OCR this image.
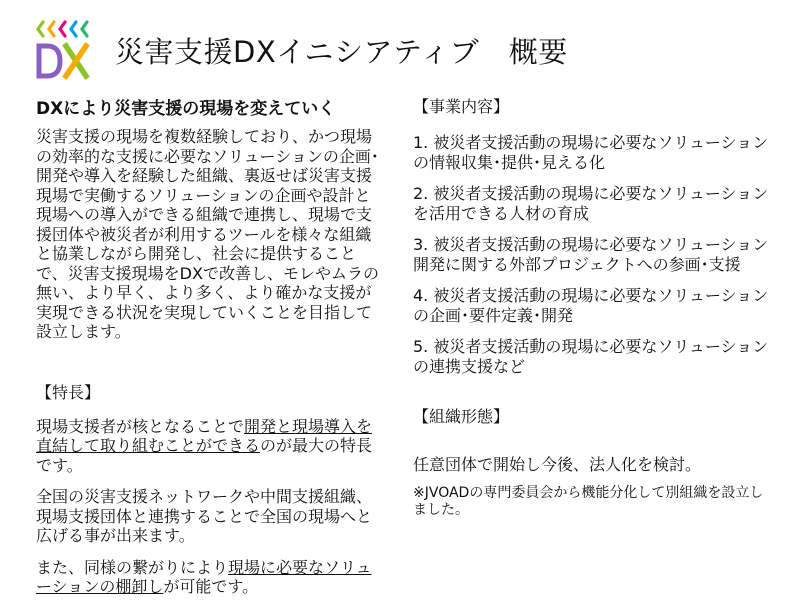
災害支援DXイニシアティブ　概要

DXにより災害支援の現場を変えていく

災害支援の現場を複数経験しており、かつ現場の効率的な支援に必要なソリューションの企画･開発や導入を経験した組織、裏返せば災害支援現場で実働するソリューションの企画や設計と現場への導入ができる組織で連携し、現場で支援団体や被災者が利用するツールを様々な組織と協業しながら開発し、社会に提供することで、災害支援現場をDXで改善し、モレやムラの無い、より早く、より多く、より確かな支援が実現できる状況を実現していくことを目指して設立します。

【特長】

現場支援者が核となることで開発と現場導入を直結して取り組むことができるのが最大の特長です。

全国の災害支援ネットワークや中間支援組織、現場支援団体と連携することで全国の現場へと広げる事が出来ます。

また、同様の繋がりにより現場に必要なソリューションの棚卸しが可能です。

【事業内容】

1. 被災者支援活動の現場に必要なソリューションの情報収集･提供･見える化

2. 被災者支援活動の現場に必要なソリューションを活用できる人材の育成

3. 被災者支援活動の現場に必要なソリューション開発に関する外部プロジェクトへの参画･支援

4. 被災者支援活動の現場に必要なソリューションの企画･要件定義･開発

5. 被災者支援活動の現場に必要なソリューションの連携支援など

【組織形態】

任意団体で開始し今後、法人化を検討。

※JVOADの専門委員会から機能分化して別組織を設立しました。
